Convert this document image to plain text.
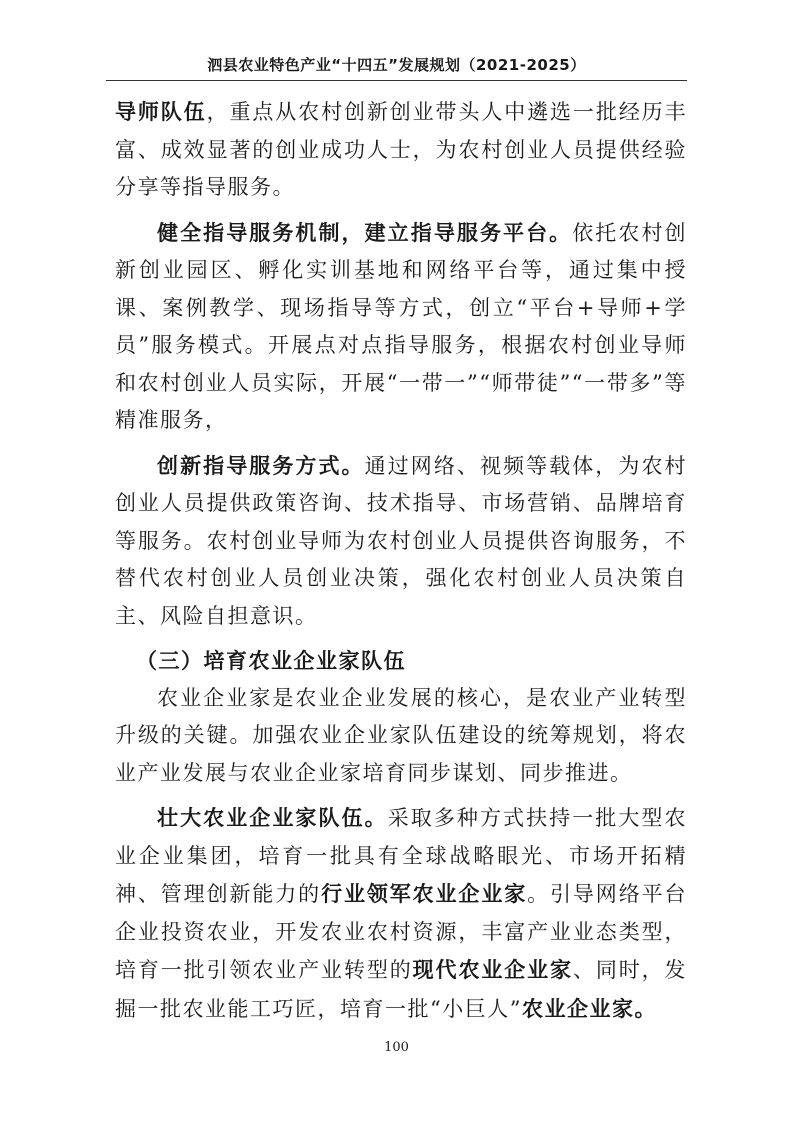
泗县农业特色产业“十四五”发展规划（2021-2025）

导师队伍，重点从农村创新创业带头人中遴选一批经历丰富、成效显著的创业成功人士，为农村创业人员提供经验分享等指导服务。

健全指导服务机制，建立指导服务平台。依托农村创新创业园区、孵化实训基地和网络平台等，通过集中授课、案例教学、现场指导等方式，创立“平台+导师+学员”服务模式。开展点对点指导服务，根据农村创业导师和农村创业人员实际，开展“一带一”“师带徒”“一带多”等精准服务，

创新指导服务方式。通过网络、视频等载体，为农村创业人员提供政策咨询、技术指导、市场营销、品牌培育等服务。农村创业导师为农村创业人员提供咨询服务，不替代农村创业人员创业决策，强化农村创业人员决策自主、风险自担意识。

（三）培育农业企业家队伍

农业企业家是农业企业发展的核心，是农业产业转型升级的关键。加强农业企业家队伍建设的统筹规划，将农业产业发展与农业企业家培育同步谋划、同步推进。

壮大农业企业家队伍。采取多种方式扶持一批大型农业企业集团，培育一批具有全球战略眼光、市场开拓精神、管理创新能力的行业领军农业企业家。引导网络平台企业投资农业，开发农业农村资源，丰富产业业态类型，培育一批引领农业产业转型的现代农业企业家、同时，发掘一批农业能工巧匠，培育一批“小巨人”农业企业家。

100
